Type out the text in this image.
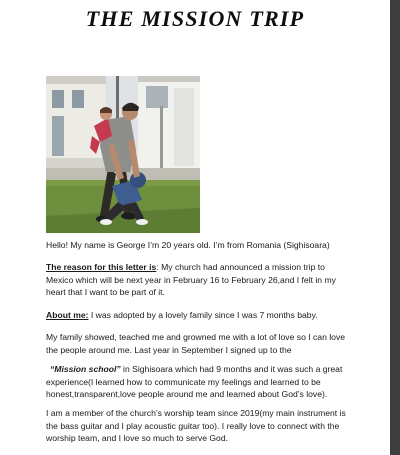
THE MISSION TRIP
Hello! My name is George I’m 20 years old. I’m from Romania (Sighisoara)
The reason for this letter is: My church had announced a mission trip to
Mexico which will be next year in February 16 to February 26,and I felt in my
heart that I want to be part of it.
About me: I was adopted by a lovely family since I was 7 months baby.
My family showed, teached me and growned me with a lot of love so I can love
the people around me. Last year in September I signed up to the
“Mission school” in Sighisoara which had 9 months and it was such a great
experience(I learned how to communicate my feelings and learned to be
honest,transparent,love people around me and learned about God’s love).
I am a member of the church’s worship team since 2019(my main instrument is
the bass guitar and I play acoustic guitar too). I really love to connect with the
worship team, and I love so much to serve God.
